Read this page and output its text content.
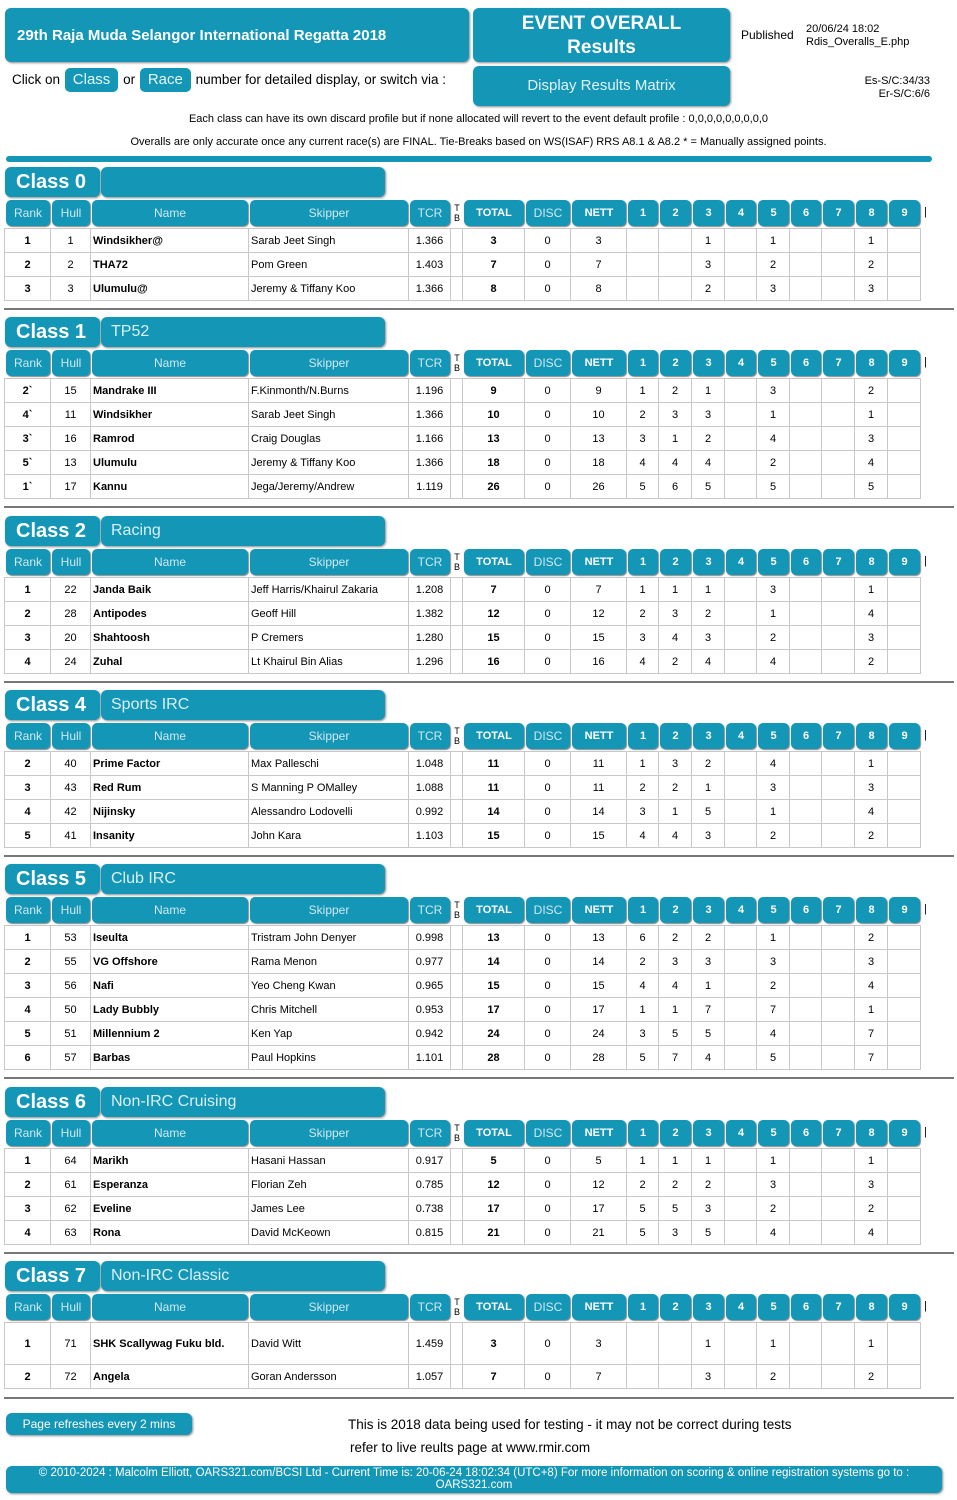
29th Raja Muda Selangor International Regatta 2018
EVENT OVERALL
Results
Display Results Matrix
Published 20/06/24 18:02
Rdis_Overalls_E.php
Es-S/C:34/33
Er-S/C:6/6
Click on Class or Race number for detailed display, or switch via :
Each class can have its own discard profile but if none allocated will revert to the event default profile : 0,0,0,0,0,0,0,0,0
Overalls are only accurate once any current race(s) are FINAL. Tie-Breaks based on WS(ISAF) RRS A8.1 & A8.2 * = Manually assigned points.
Class 0
Rank	Hull	Name	Skipper	TCR	T B	TOTAL	DISC	NETT	1	2	3	4	5	6	7	8	9	|
1	1	Windsikher@	Sarab Jeet Singh	1.366		3	0	3			1		1			1	
2	2	THA72	Pom Green	1.403		7	0	7			3		2			2	
3	3	Ulumulu@	Jeremy & Tiffany Koo	1.366		8	0	8			2		3			3	
Class 1	TP52
Rank	Hull	Name	Skipper	TCR	T B	TOTAL	DISC	NETT	1	2	3	4	5	6	7	8	9	|
2`	15	Mandrake III	F.Kinmonth/N.Burns	1.196		9	0	9	1	2	1		3			2	
4`	11	Windsikher	Sarab Jeet Singh	1.366		10	0	10	2	3	3		1			1	
3`	16	Ramrod	Craig Douglas	1.166		13	0	13	3	1	2		4			3	
5`	13	Ulumulu	Jeremy & Tiffany Koo	1.366		18	0	18	4	4	4		2			4	
1`	17	Kannu	Jega/Jeremy/Andrew	1.119		26	0	26	5	6	5		5			5	
Class 2	Racing
Rank	Hull	Name	Skipper	TCR	T B	TOTAL	DISC	NETT	1	2	3	4	5	6	7	8	9	|
1	22	Janda Baik	Jeff Harris/Khairul Zakaria	1.208		7	0	7	1	1	1		3			1	
2	28	Antipodes	Geoff Hill	1.382		12	0	12	2	3	2		1			4	
3	20	Shahtoosh	P Cremers	1.280		15	0	15	3	4	3		2			3	
4	24	Zuhal	Lt Khairul Bin Alias	1.296		16	0	16	4	2	4		4			2	
Class 4	Sports IRC
Rank	Hull	Name	Skipper	TCR	T B	TOTAL	DISC	NETT	1	2	3	4	5	6	7	8	9	|
2	40	Prime Factor	Max Palleschi	1.048		11	0	11	1	3	2		4			1	
3	43	Red Rum	S Manning P OMalley	1.088		11	0	11	2	2	1		3			3	
4	42	Nijinsky	Alessandro Lodovelli	0.992		14	0	14	3	1	5		1			4	
5	41	Insanity	John Kara	1.103		15	0	15	4	4	3		2			2	
Class 5	Club IRC
Rank	Hull	Name	Skipper	TCR	T B	TOTAL	DISC	NETT	1	2	3	4	5	6	7	8	9	|
1	53	Iseulta	Tristram John Denyer	0.998		13	0	13	6	2	2		1			2	
2	55	VG Offshore	Rama Menon	0.977		14	0	14	2	3	3		3			3	
3	56	Nafi	Yeo Cheng Kwan	0.965		15	0	15	4	4	1		2			4	
4	50	Lady Bubbly	Chris Mitchell	0.953		17	0	17	1	1	7		7			1	
5	51	Millennium 2	Ken Yap	0.942		24	0	24	3	5	5		4			7	
6	57	Barbas	Paul Hopkins	1.101		28	0	28	5	7	4		5			7	
Class 6	Non-IRC Cruising
Rank	Hull	Name	Skipper	TCR	T B	TOTAL	DISC	NETT	1	2	3	4	5	6	7	8	9	|
1	64	Marikh	Hasani Hassan	0.917		5	0	5	1	1	1		1			1	
2	61	Esperanza	Florian Zeh	0.785		12	0	12	2	2	2		3			3	
3	62	Eveline	James Lee	0.738		17	0	17	5	5	3		2			2	
4	63	Rona	David McKeown	0.815		21	0	21	5	3	5		4			4	
Class 7	Non-IRC Classic
Rank	Hull	Name	Skipper	TCR	T B	TOTAL	DISC	NETT	1	2	3	4	5	6	7	8	9	|
1	71	SHK Scallywag Fuku bld.	David Witt	1.459		3	0	3			1		1			1	
2	72	Angela	Goran Andersson	1.057		7	0	7			3		2			2	
Page refreshes every 2 mins	This is 2018 data being used for testing - it may not be correct during tests
refer to live reults page at www.rmir.com
© 2010-2024 : Malcolm Elliott, OARS321.com/BCSI Ltd - Current Time is: 20-06-24 18:02:34 (UTC+8) For more information on scoring & online registration systems go to : OARS321.com
